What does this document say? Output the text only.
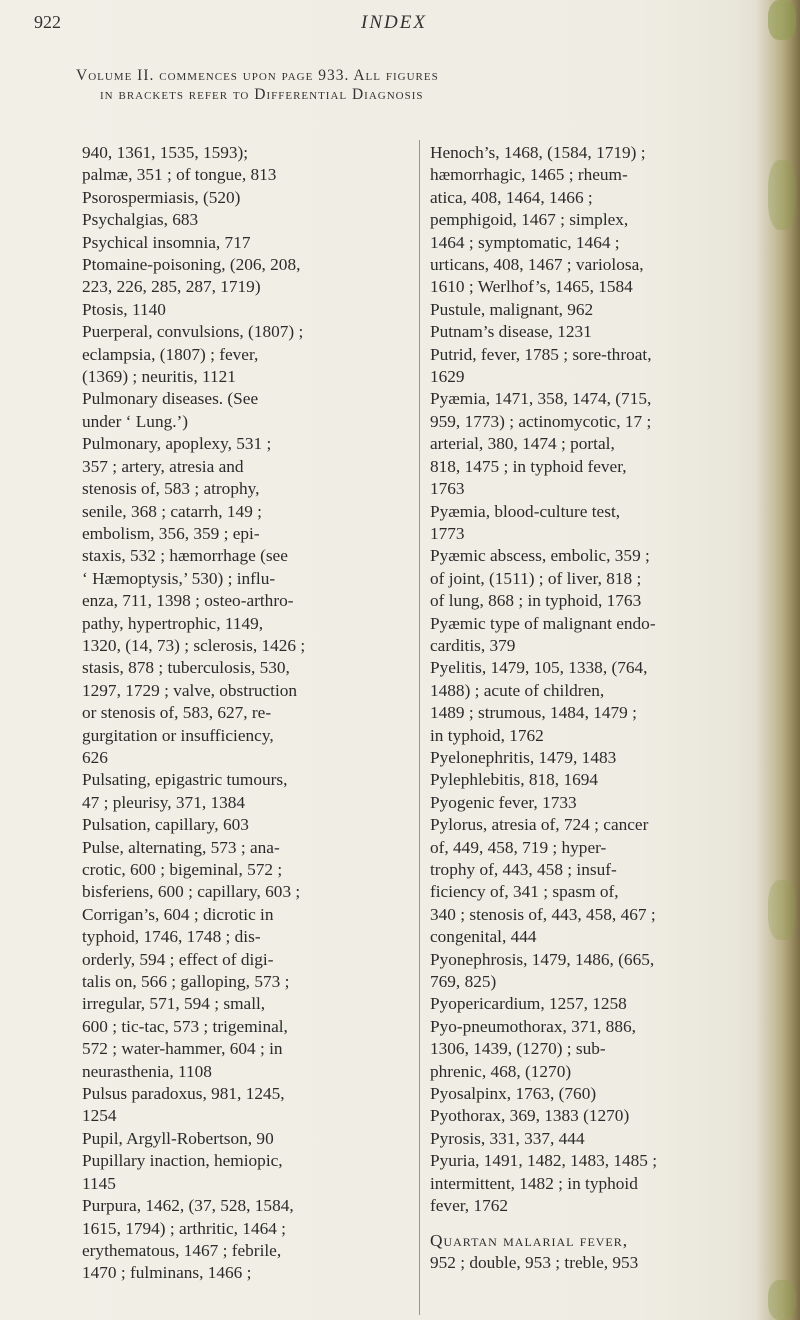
922	INDEX
Volume II. commences upon page 933. All figures
in brackets refer to Differential Diagnosis
940, 1361, 1535, 1593);
palmæ, 351 ; of tongue, 813
Psorospermiasis, (520)
Psychalgias, 683
Psychical insomnia, 717
Ptomaine-poisoning, (206, 208,
223, 226, 285, 287, 1719)
Ptosis, 1140
Puerperal, convulsions, (1807) ;
eclampsia, (1807) ; fever,
(1369) ; neuritis, 1121
Pulmonary diseases. (See
under ‘ Lung.’)
Pulmonary, apoplexy, 531 ;
357 ; artery, atresia and
stenosis of, 583 ; atrophy,
senile, 368 ; catarrh, 149 ;
embolism, 356, 359 ; epi-
staxis, 532 ; hæmorrhage (see
‘ Hæmoptysis,’ 530) ; influ-
enza, 711, 1398 ; osteo-arthro-
pathy, hypertrophic, 1149,
1320, (14, 73) ; sclerosis, 1426 ;
stasis, 878 ; tuberculosis, 530,
1297, 1729 ; valve, obstruction
or stenosis of, 583, 627, re-
gurgitation or insufficiency,
626
Pulsating, epigastric tumours,
47 ; pleurisy, 371, 1384
Pulsation, capillary, 603
Pulse, alternating, 573 ; ana-
crotic, 600 ; bigeminal, 572 ;
bisferiens, 600 ; capillary, 603 ;
Corrigan’s, 604 ; dicrotic in
typhoid, 1746, 1748 ; dis-
orderly, 594 ; effect of digi-
talis on, 566 ; galloping, 573 ;
irregular, 571, 594 ; small,
600 ; tic-tac, 573 ; trigeminal,
572 ; water-hammer, 604 ; in
neurasthenia, 1108
Pulsus paradoxus, 981, 1245,
1254
Pupil, Argyll-Robertson, 90
Pupillary inaction, hemiopic,
1145
Purpura, 1462, (37, 528, 1584,
1615, 1794) ; arthritic, 1464 ;
erythematous, 1467 ; febrile,
1470 ; fulminans, 1466 ;
Henoch’s, 1468, (1584, 1719) ;
hæmorrhagic, 1465 ; rheum-
atica, 408, 1464, 1466 ;
pemphigoid, 1467 ; simplex,
1464 ; symptomatic, 1464 ;
urticans, 408, 1467 ; variolosa,
1610 ; Werlhof’s, 1465, 1584
Pustule, malignant, 962
Putnam’s disease, 1231
Putrid, fever, 1785 ; sore-throat,
1629
Pyæmia, 1471, 358, 1474, (715,
959, 1773) ; actinomycotic, 17 ;
arterial, 380, 1474 ; portal,
818, 1475 ; in typhoid fever,
1763
Pyæmia, blood-culture test,
1773
Pyæmic abscess, embolic, 359 ;
of joint, (1511) ; of liver, 818 ;
of lung, 868 ; in typhoid, 1763
Pyæmic type of malignant endo-
carditis, 379
Pyelitis, 1479, 105, 1338, (764,
1488) ; acute of children,
1489 ; strumous, 1484, 1479 ;
in typhoid, 1762
Pyelonephritis, 1479, 1483
Pylephlebitis, 818, 1694
Pyogenic fever, 1733
Pylorus, atresia of, 724 ; cancer
of, 449, 458, 719 ; hyper-
trophy of, 443, 458 ; insuf-
ficiency of, 341 ; spasm of,
340 ; stenosis of, 443, 458, 467 ;
congenital, 444
Pyonephrosis, 1479, 1486, (665,
769, 825)
Pyopericardium, 1257, 1258
Pyo-pneumothorax, 371, 886,
1306, 1439, (1270) ; sub-
phrenic, 468, (1270)
Pyosalpinx, 1763, (760)
Pyothorax, 369, 1383 (1270)
Pyrosis, 331, 337, 444
Pyuria, 1491, 1482, 1483, 1485 ;
intermittent, 1482 ; in typhoid
fever, 1762
Quartan malarial fever,
952 ; double, 953 ; treble, 953
